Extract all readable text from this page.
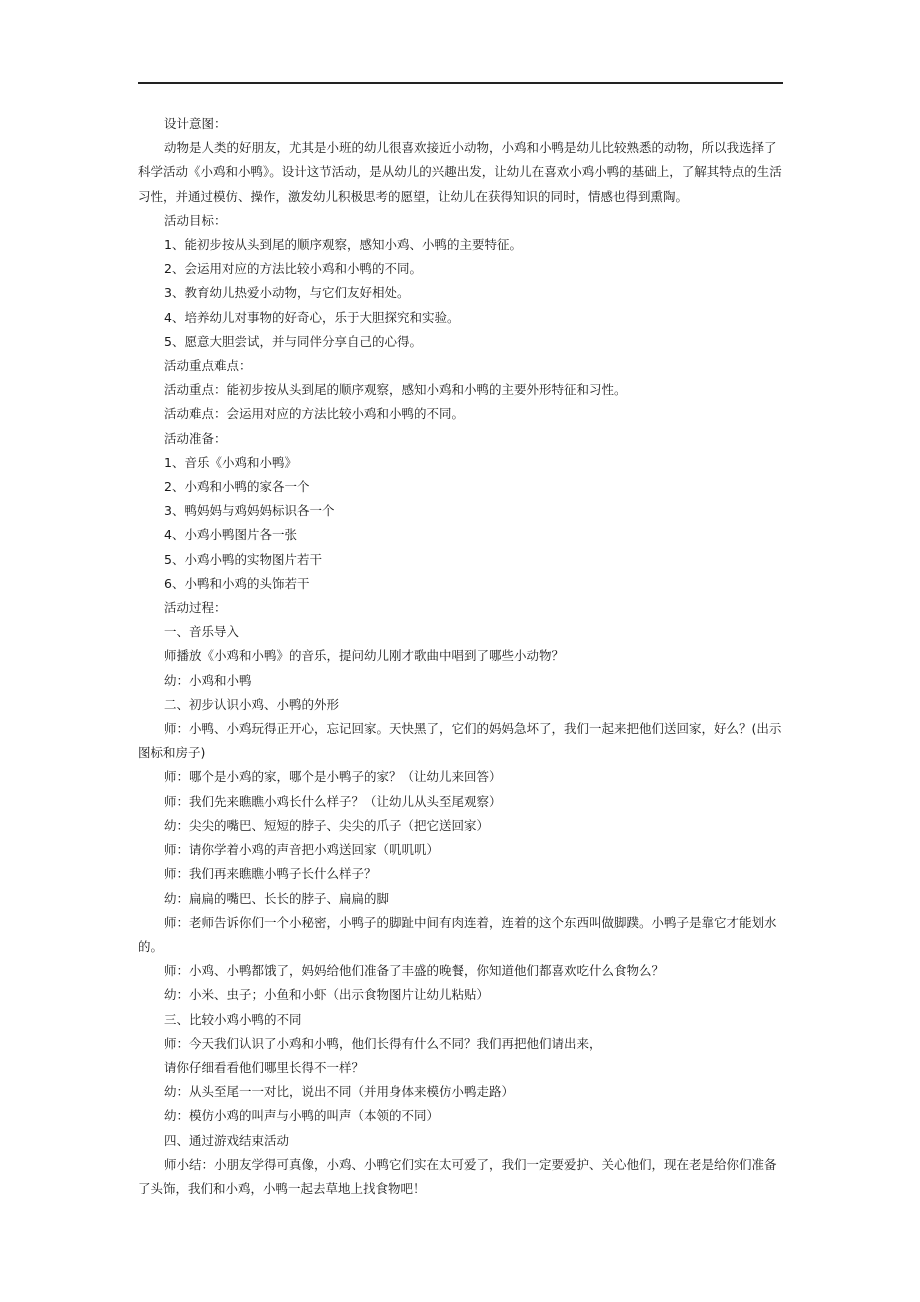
设计意图：

动物是人类的好朋友，尤其是小班的幼儿很喜欢接近小动物，小鸡和小鸭是幼儿比较熟悉的动物，所以我选择了科学活动《小鸡和小鸭》。设计这节活动，是从幼儿的兴趣出发，让幼儿在喜欢小鸡小鸭的基础上，了解其特点的生活习性，并通过模仿、操作，激发幼儿积极思考的愿望，让幼儿在获得知识的同时，情感也得到熏陶。

活动目标：

1、能初步按从头到尾的顺序观察，感知小鸡、小鸭的主要特征。

2、会运用对应的方法比较小鸡和小鸭的不同。

3、教育幼儿热爱小动物，与它们友好相处。

4、培养幼儿对事物的好奇心，乐于大胆探究和实验。

5、愿意大胆尝试，并与同伴分享自己的心得。

活动重点难点：

活动重点：能初步按从头到尾的顺序观察，感知小鸡和小鸭的主要外形特征和习性。

活动难点：会运用对应的方法比较小鸡和小鸭的不同。

活动准备：

1、音乐《小鸡和小鸭》

2、小鸡和小鸭的家各一个

3、鸭妈妈与鸡妈妈标识各一个

4、小鸡小鸭图片各一张

5、小鸡小鸭的实物图片若干

6、小鸭和小鸡的头饰若干

活动过程：

一、音乐导入

师播放《小鸡和小鸭》的音乐，提问幼儿刚才歌曲中唱到了哪些小动物？

幼：小鸡和小鸭

二、初步认识小鸡、小鸭的外形

师：小鸭、小鸡玩得正开心，忘记回家。天快黑了，它们的妈妈急坏了，我们一起来把他们送回家，好么？(出示图标和房子)

师：哪个是小鸡的家，哪个是小鸭子的家？（让幼儿来回答）

师：我们先来瞧瞧小鸡长什么样子？（让幼儿从头至尾观察）

幼：尖尖的嘴巴、短短的脖子、尖尖的爪子（把它送回家）

师：请你学着小鸡的声音把小鸡送回家（叽叽叽）

师：我们再来瞧瞧小鸭子长什么样子？

幼：扁扁的嘴巴、长长的脖子、扁扁的脚

师：老师告诉你们一个小秘密，小鸭子的脚趾中间有肉连着，连着的这个东西叫做脚蹼。小鸭子是靠它才能划水的。

师：小鸡、小鸭都饿了，妈妈给他们准备了丰盛的晚餐，你知道他们都喜欢吃什么食物么？

幼：小米、虫子；小鱼和小虾（出示食物图片让幼儿粘贴）

三、比较小鸡小鸭的不同

师：今天我们认识了小鸡和小鸭，他们长得有什么不同？我们再把他们请出来，

请你仔细看看他们哪里长得不一样？

幼：从头至尾一一对比，说出不同（并用身体来模仿小鸭走路）

幼：模仿小鸡的叫声与小鸭的叫声（本领的不同）

四、通过游戏结束活动

师小结：小朋友学得可真像，小鸡、小鸭它们实在太可爱了，我们一定要爱护、关心他们，现在老是给你们准备了头饰，我们和小鸡，小鸭一起去草地上找食物吧！
